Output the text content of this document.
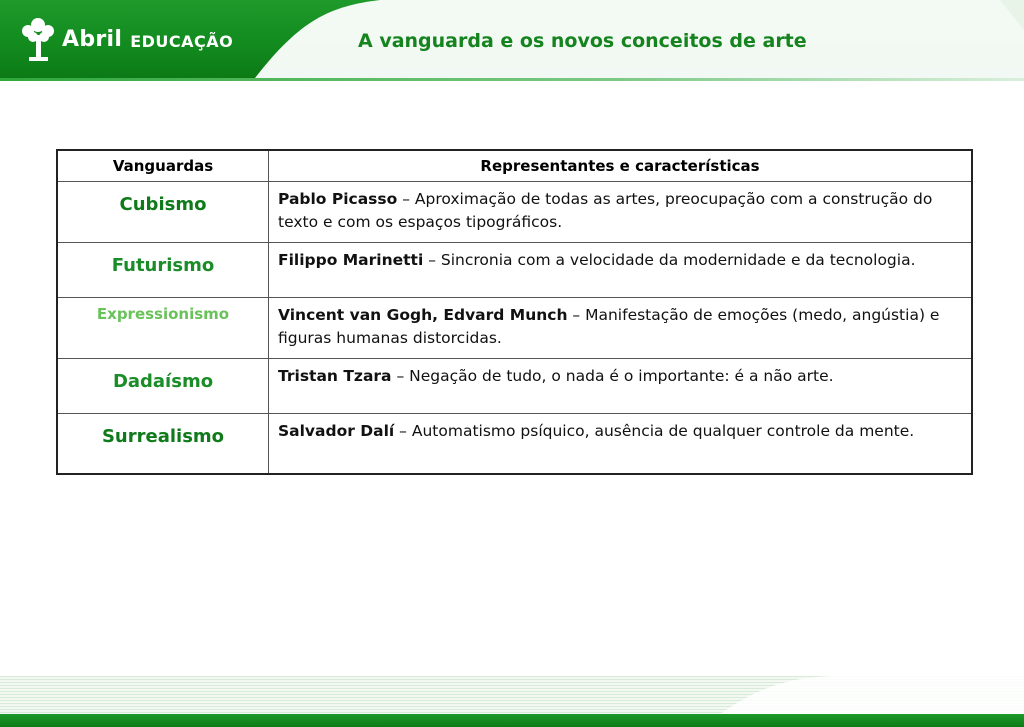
Abril EDUCAÇÃO	A vanguarda e os novos conceitos de arte
Vanguardas	Representantes e características
Cubismo	Pablo Picasso – Aproximação de todas as artes, preocupação com a construção do texto e com os espaços tipográficos.
Futurismo	Filippo Marinetti – Sincronia com a velocidade da modernidade e da tecnologia.
Expressionismo	Vincent van Gogh, Edvard Munch – Manifestação de emoções (medo, angústia) e figuras humanas distorcidas.
Dadaísmo	Tristan Tzara – Negação de tudo, o nada é o importante: é a não arte.
Surrealismo	Salvador Dalí – Automatismo psíquico, ausência de qualquer controle da mente.
